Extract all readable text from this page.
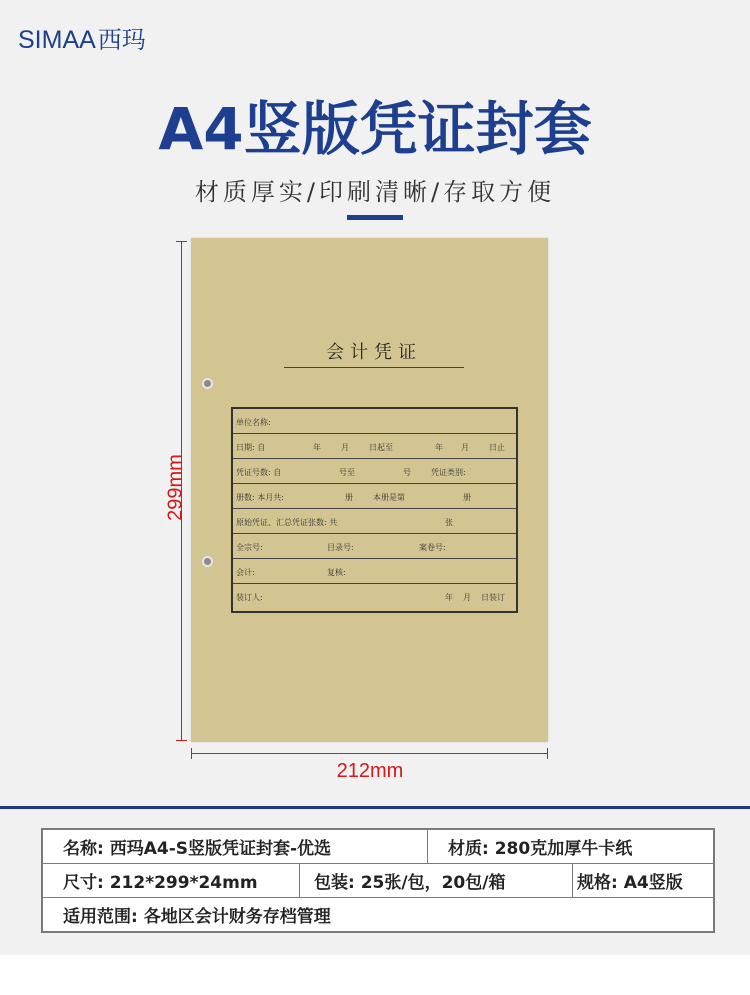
SIMAA西玛
A4竖版凭证封套
材质厚实/印刷清晰/存取方便
299mm
会计凭证
单位名称:
日期: 自	年	月	日起至	年 月	日止
凭证号数: 自	号至	号	凭证类别:
册数: 本月共:	册	本册是第	册
原始凭证、汇总凭证张数: 共	张
全宗号:	目录号:	案卷号:
会计:	复核:
装订人:	年 月 日装订
212mm
名称: 西玛A4-S竖版凭证封套-优选	材质: 280克加厚牛卡纸
尺寸: 212*299*24mm	包装: 25张/包，20包/箱	规格: A4竖版
适用范围: 各地区会计财务存档管理
